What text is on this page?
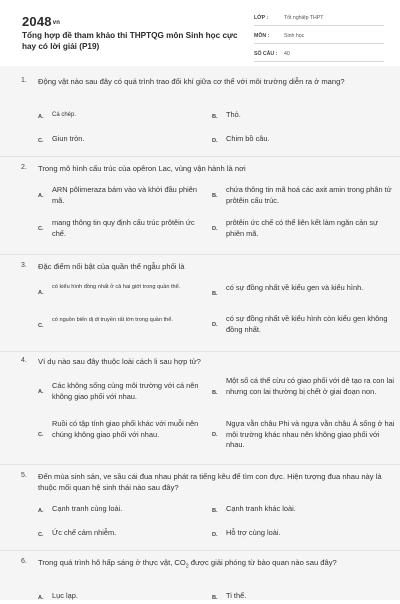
2048vn
Tổng hợp đề tham khảo thi THPTQG môn Sinh học cực hay có lời giải (P19)
LỚP :	Tốt nghiệp THPT
MÔN :	Sinh học
SỐ CÂU : 40
1. Động vật nào sau đây có quá trình trao đổi khí giữa cơ thể với môi trường diễn ra ở mang?
A. Cá chép.	B. Thỏ.
C. Giun tròn.	D. Chim bồ câu.
2. Trong mô hình cấu trúc của opêron Lac, vùng vận hành là nơi
A.
ARN pôlimeraza bám vào và khởi đầu phiên mã.	B.
chứa thông tin mã hoá các axit amin trong phân tử prôtêin cấu trúc.
C.
mang thông tin quy định cấu trúc prôtêin ức chế.	D.
prôtêin ức chế có thể liên kết làm ngăn cản sự phiên mã.
3. Đặc điểm nổi bật của quần thể ngẫu phối là
A.
có kiểu hình đồng nhất ở cả hai giới trong quần thể.
B.
có sự đồng nhất về kiểu gen và kiểu hình.
C.
có nguồn biến dị di truyền rất lớn trong quần thể.
D.
có sự đồng nhất về kiểu hình còn kiểu gen không đồng nhất.
4. Ví dụ nào sau đây thuộc loài cách li sau hợp tử?
A.
Các không sống cùng môi trường với cá nên không giao phối với nhau.	B.
Một số cá thể cừu có giao phối với dê tạo ra con lai nhưng con lai thường bị chết ở giai đoạn non.
C.
Ruồi có tập tính giao phối khác với muỗi nên chúng không giao phối với nhau.	D.
Ngựa vằn châu Phi và ngựa vằn châu Á sống ở hai môi trường khác nhau nên không giao phối với nhau.
5. Đến mùa sinh sản, ve sầu cái đua nhau phát ra tiếng kêu để tìm con đực. Hiện tượng đua nhau này là thuộc mối quan hệ sinh thái nào sau đây?
A. Cạnh tranh cùng loài.	B. Cạnh tranh khác loài.
C. Ức chế cảm nhiễm.	D. Hỗ trợ cùng loài.
6. Trong quá trình hô hấp sáng ở thực vật, $CO_2$ được giải phóng từ bào quan nào sau đây?
A. Lục lạp.	B. Ti thể.
